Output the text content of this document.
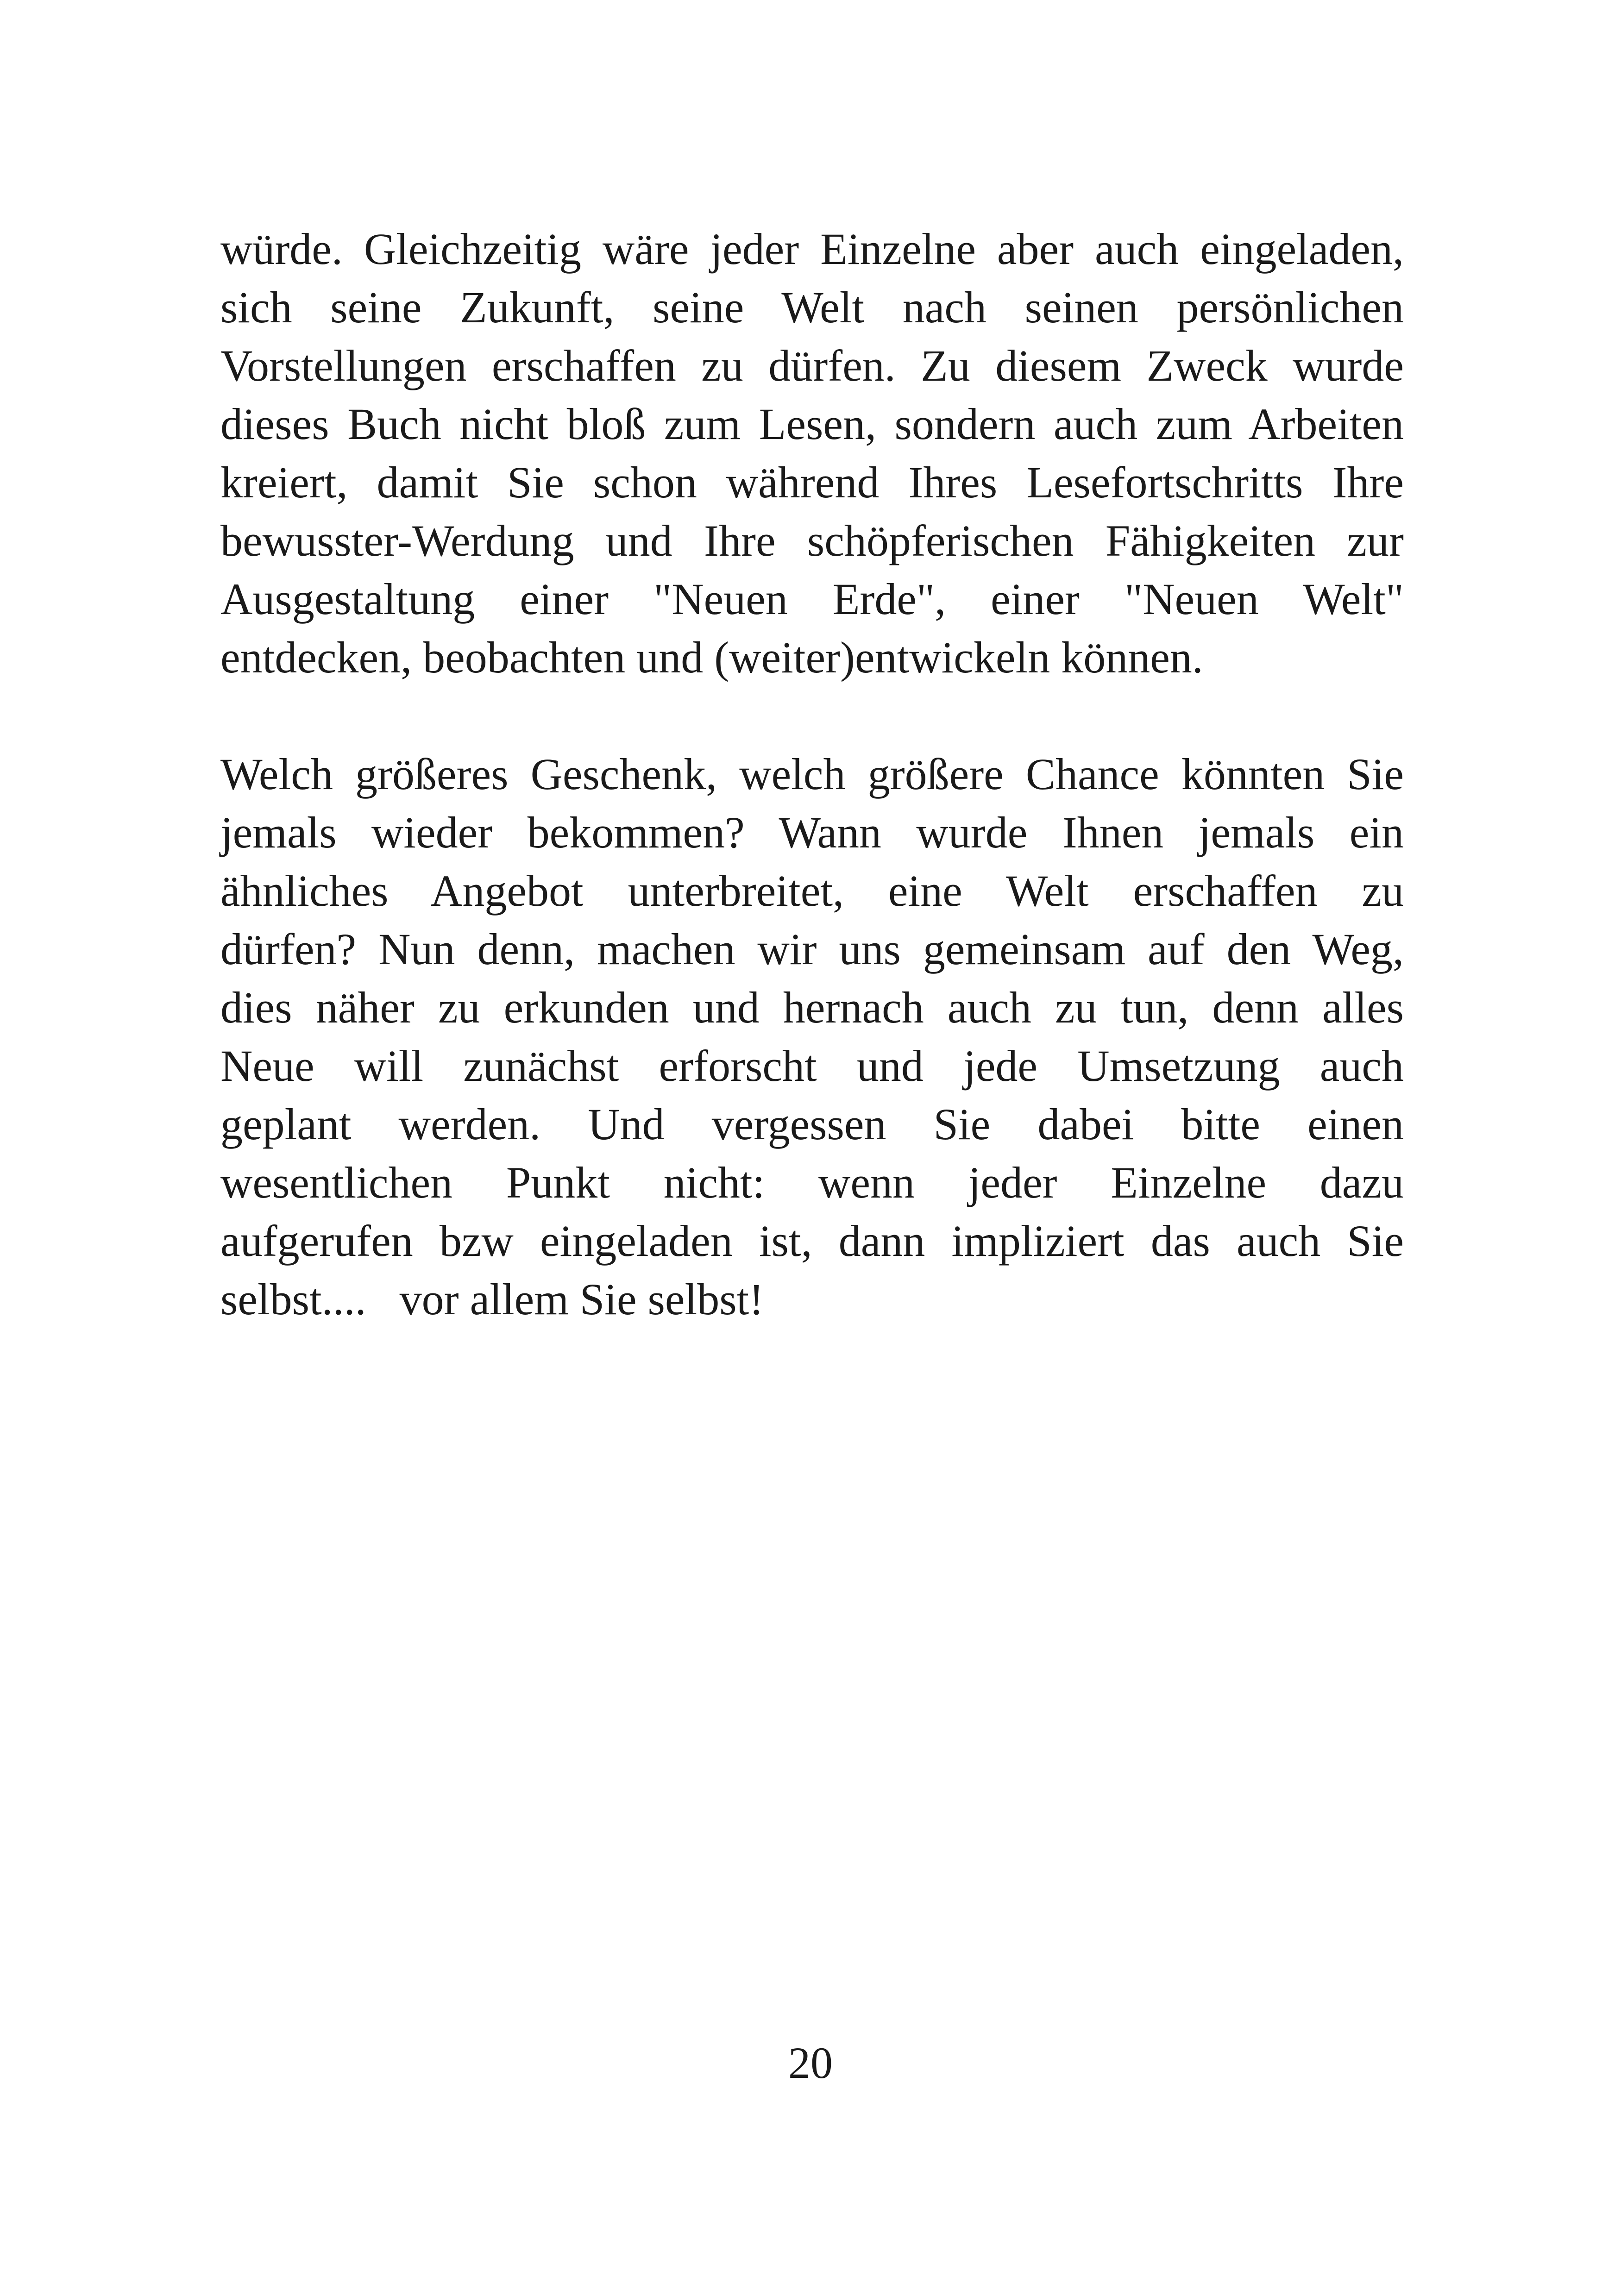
würde. Gleichzeitig wäre jeder Einzelne aber auch eingeladen,
sich seine Zukunft, seine Welt nach seinen persönlichen
Vorstellungen erschaffen zu dürfen. Zu diesem Zweck wurde
dieses Buch nicht bloß zum Lesen, sondern auch zum Arbeiten
kreiert, damit Sie schon während Ihres Lesefortschritts Ihre
bewusster-Werdung und Ihre schöpferischen Fähigkeiten zur
Ausgestaltung einer "Neuen Erde", einer "Neuen Welt"
entdecken, beobachten und (weiter)entwickeln können.

Welch größeres Geschenk, welch größere Chance könnten Sie
jemals wieder bekommen? Wann wurde Ihnen jemals ein
ähnliches Angebot unterbreitet, eine Welt erschaffen zu
dürfen? Nun denn, machen wir uns gemeinsam auf den Weg,
dies näher zu erkunden und hernach auch zu tun, denn alles
Neue will zunächst erforscht und jede Umsetzung auch
geplant werden. Und vergessen Sie dabei bitte einen
wesentlichen Punkt nicht: wenn jeder Einzelne dazu
aufgerufen bzw eingeladen ist, dann impliziert das auch Sie
selbst....   vor allem Sie selbst!

20
